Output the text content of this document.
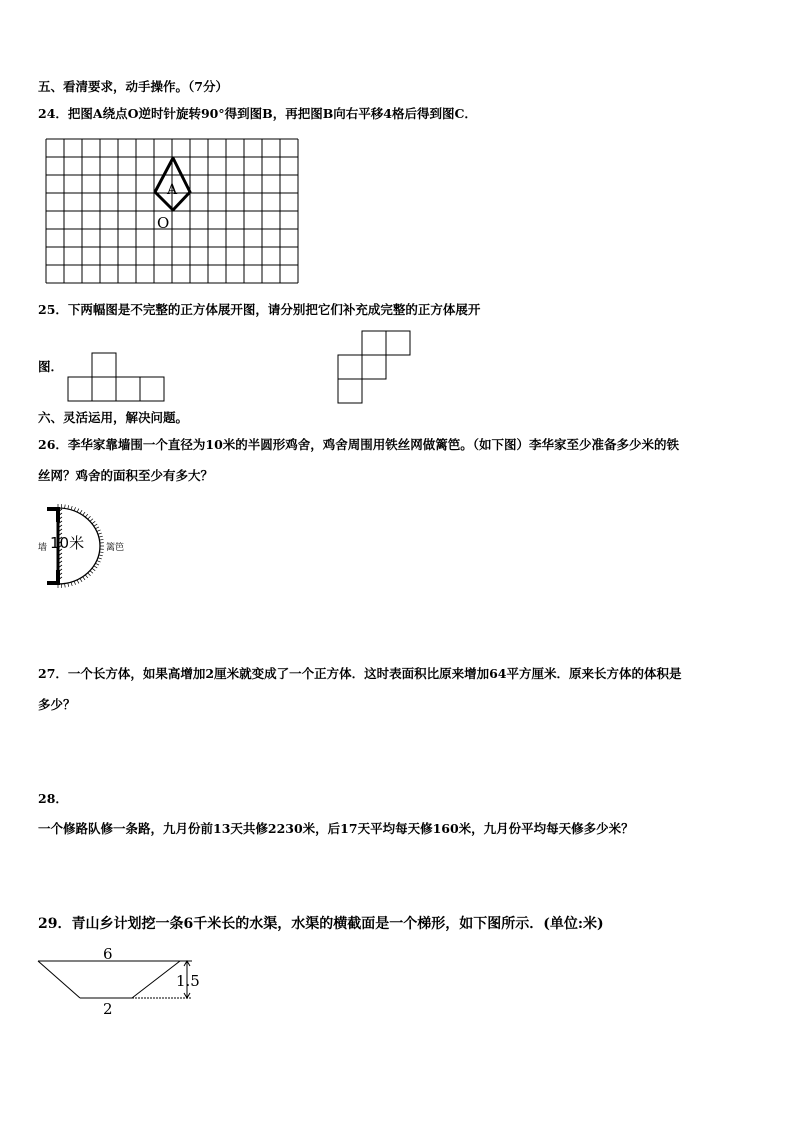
五、看清要求，动手操作。（7分）
24．把图A绕点O逆时针旋转90°得到图B，再把图B向右平移4格后得到图C．
A
O
25．下两幅图是不完整的正方体展开图，请分别把它们补充成完整的正方体展开
图．
六、灵活运用，解决问题。
26．李华家靠墙围一个直径为10米的半圆形鸡舍，鸡舍周围用铁丝网做篱笆。（如下图）李华家至少准备多少米的铁
丝网？鸡舍的面积至少有多大？
墙 10米 篱笆
27．一个长方体，如果高增加2厘米就变成了一个正方体．这时表面积比原来增加64平方厘米．原来长方体的体积是
多少？
28．
一个修路队修一条路，九月份前13天共修2230米，后17天平均每天修160米，九月份平均每天修多少米？
29．青山乡计划挖一条6千米长的水渠，水渠的横截面是一个梯形，如下图所示．(单位:米)
6
1.5
2
